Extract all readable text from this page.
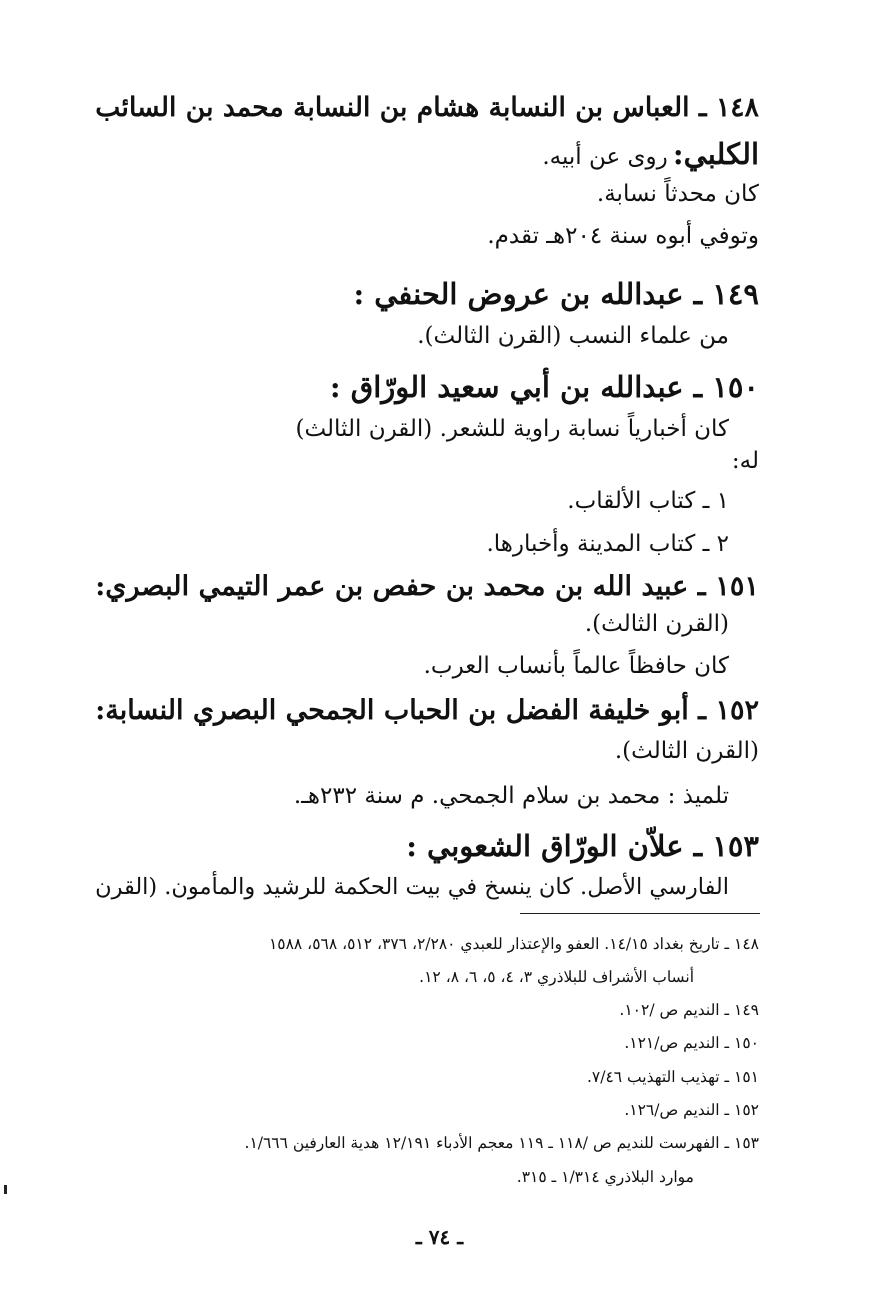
١٤٨ ـ العباس بن النسابة هشام بن النسابة محمد بن السائب
الكلبي: روى عن أبيه.
كان محدثاً نسابة.
وتوفي أبوه سنة ٢٠٤هـ تقدم.
١٤٩ ـ عبدالله بن عروض الحنفي :
من علماء النسب (القرن الثالث).
١٥٠ ـ عبدالله بن أبي سعيد الورّاق :
كان أخبارياً نسابة راوية للشعر. (القرن الثالث)
له:
١ ـ كتاب الألقاب.
٢ ـ كتاب المدينة وأخبارها.
١٥١ ـ عبيد الله بن محمد بن حفص بن عمر التيمي البصري:
(القرن الثالث).
كان حافظاً عالماً بأنساب العرب.
١٥٢ ـ أبو خليفة الفضل بن الحباب الجمحي البصري النسابة:
(القرن الثالث).
تلميذ : محمد بن سلام الجمحي. م سنة ٢٣٢هـ.
١٥٣ ـ علاّن الورّاق الشعوبي :
الفارسي الأصل. كان ينسخ في بيت الحكمة للرشيد والمأمون. (القرن
١٤٨ ـ تاريخ بغداد ١٤/١٥. العفو والإعتذار للعبدي ٢/٢٨٠، ٣٧٦، ٥١٢، ٥٦٨، ١٥٨٨
أنساب الأشراف للبلاذري ٣، ٤، ٥، ٦، ٨، ١٢.
١٤٩ ـ النديم ص /١٠٢.
١٥٠ ـ النديم ص/١٢١.
١٥١ ـ تهذيب التهذيب ٧/٤٦.
١٥٢ ـ النديم ص/١٢٦.
١٥٣ ـ الفهرست للنديم ص /١١٨ ـ ١١٩ معجم الأدباء ١٢/١٩١ هدية العارفين ١/٦٦٦.
موارد البلاذري ١/٣١٤ ـ ٣١٥.
ـ ٧٤ ـ
